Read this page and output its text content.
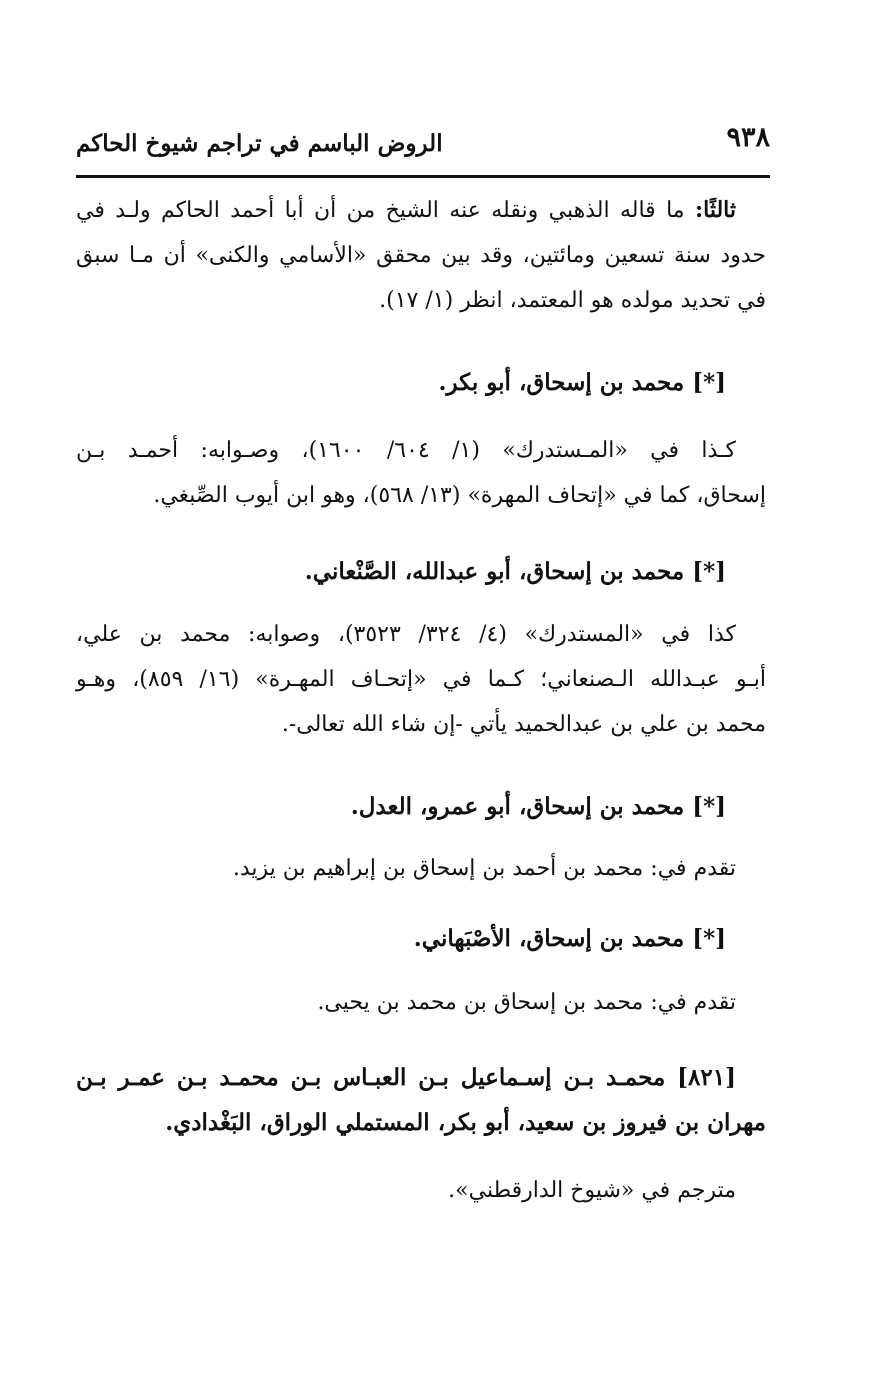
٩٣٨
الروض الباسم في تراجم شيوخ الحاكم
ثالثًا: ما قاله الذهبي ونقله عنه الشيخ من أن أبا أحمد الحاكم ولـد في
حدود سنة تسعين ومائتين، وقد بين محقق «الأسامي والكنى» أن مـا سبق
في تحديد مولده هو المعتمد، انظر (١/ ١٧).
[*] محمد بن إسحاق، أبو بكر.
كـذا في «المـستدرك» (١/ ٦٠٤/ ١٦٠٠)، وصـوابه: أحمـد بـن
إسحاق، كما في «إتحاف المهرة» (١٣/ ٥٦٨)، وهو ابن أيوب الصِّبغي.
[*] محمد بن إسحاق، أبو عبدالله، الصَّنْعاني.
كذا في «المستدرك» (٤/ ٣٢٤/ ٣٥٢٣)، وصوابه: محمد بن علي،
أبـو عبـدالله الـصنعاني؛ كـما في «إتحـاف المهـرة» (١٦/ ٨٥٩)، وهـو
محمد بن علي بن عبدالحميد يأتي -إن شاء الله تعالى-.
[*] محمد بن إسحاق، أبو عمرو، العدل.
تقدم في: محمد بن أحمد بن إسحاق بن إبراهيم بن يزيد.
[*] محمد بن إسحاق، الأصْبَهاني.
تقدم في: محمد بن إسحاق بن محمد بن يحيى.
[٨٢١] محمـد بـن إسـماعيل بـن العبـاس بـن محمـد بـن عمـر بـن
مهران بن فيروز بن سعيد، أبو بكر، المستملي الوراق، البَغْدادي.
مترجم في «شيوخ الدارقطني».
